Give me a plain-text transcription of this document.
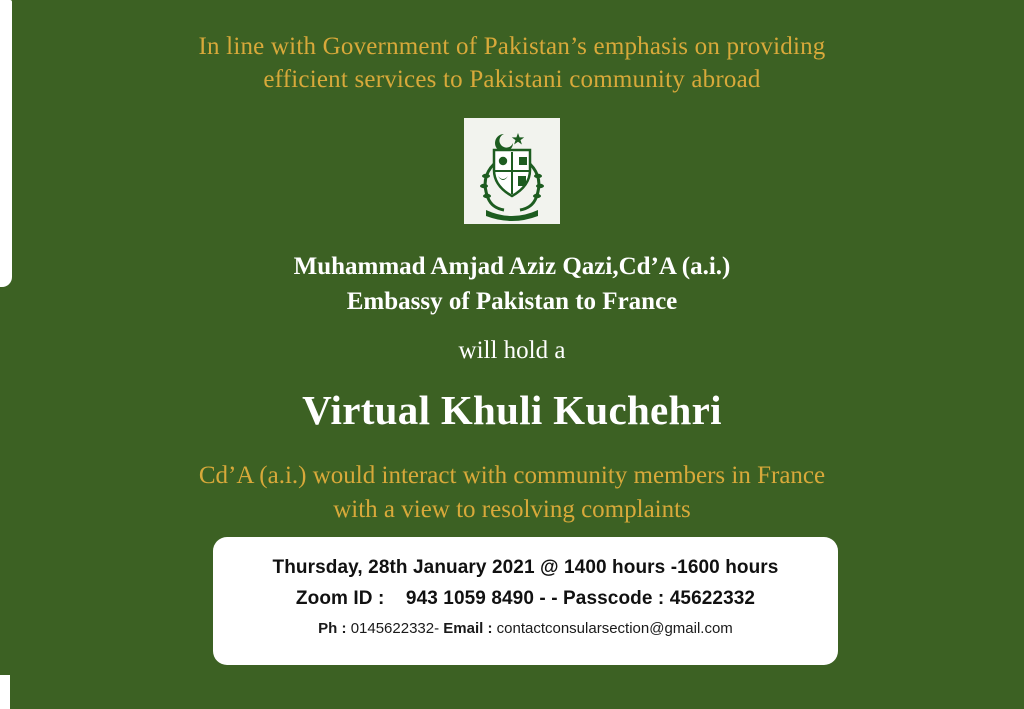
In line with Government of Pakistan’s emphasis on providing
efficient services to Pakistani community abroad
Muhammad Amjad Aziz Qazi,Cd’A (a.i.)
Embassy of Pakistan to France
will hold a
Virtual Khuli Kuchehri
Cd’A (a.i.) would interact with community members in France
with a view to resolving complaints
Thursday, 28th January 2021 @ 1400 hours -1600 hours
Zoom ID : 943 1059 8490 - - Passcode : 45622332
Ph : 0145622332- Email : contactconsularsection@gmail.com
